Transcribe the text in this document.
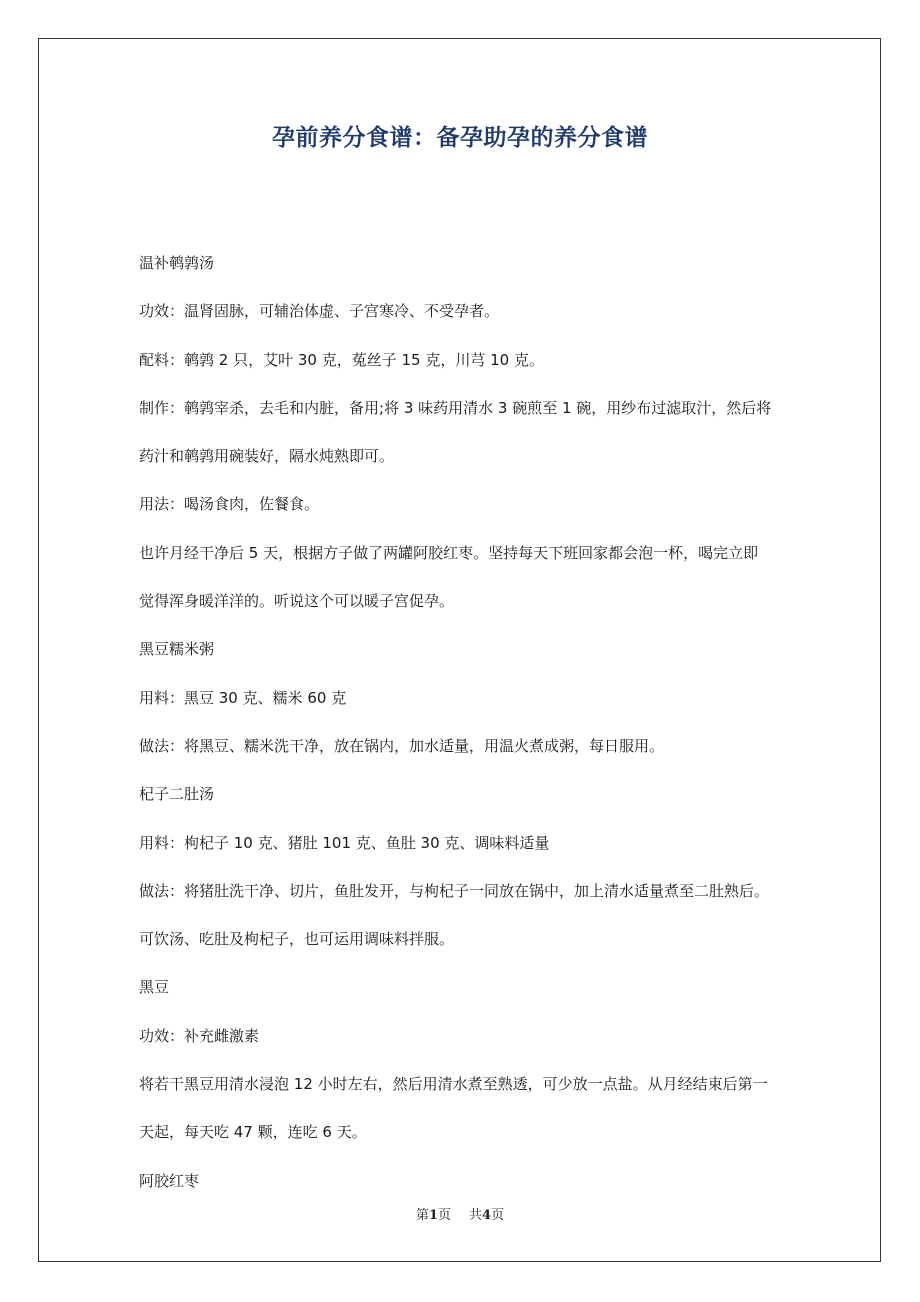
孕前养分食谱：备孕助孕的养分食谱

温补鹌鹑汤

功效：温肾固脉，可辅治体虚、子宫寒冷、不受孕者。

配料：鹌鹑 2 只，艾叶 30 克，菟丝子 15 克，川芎 10 克。

制作：鹌鹑宰杀，去毛和内脏，备用;将 3 味药用清水 3 碗煎至 1 碗，用纱布过滤取汁，然后将

药汁和鹌鹑用碗装好，隔水炖熟即可。

用法：喝汤食肉，佐餐食。

也许月经干净后 5 天，根据方子做了两罐阿胶红枣。坚持每天下班回家都会泡一杯，喝完立即

觉得浑身暖洋洋的。听说这个可以暖子宫促孕。

黑豆糯米粥

用料：黑豆 30 克、糯米 60 克

做法：将黑豆、糯米洗干净，放在锅内，加水适量，用温火煮成粥，每日服用。

杞子二肚汤

用料：枸杞子 10 克、猪肚 101 克、鱼肚 30 克、调味料适量

做法：将猪肚洗干净、切片，鱼肚发开，与枸杞子一同放在锅中，加上清水适量煮至二肚熟后。

可饮汤、吃肚及枸杞子，也可运用调味料拌服。

黑豆

功效：补充雌激素

将若干黑豆用清水浸泡 12 小时左右，然后用清水煮至熟透，可少放一点盐。从月经结束后第一

天起，每天吃 47 颗，连吃 6 天。

阿胶红枣

第1页 共4页
